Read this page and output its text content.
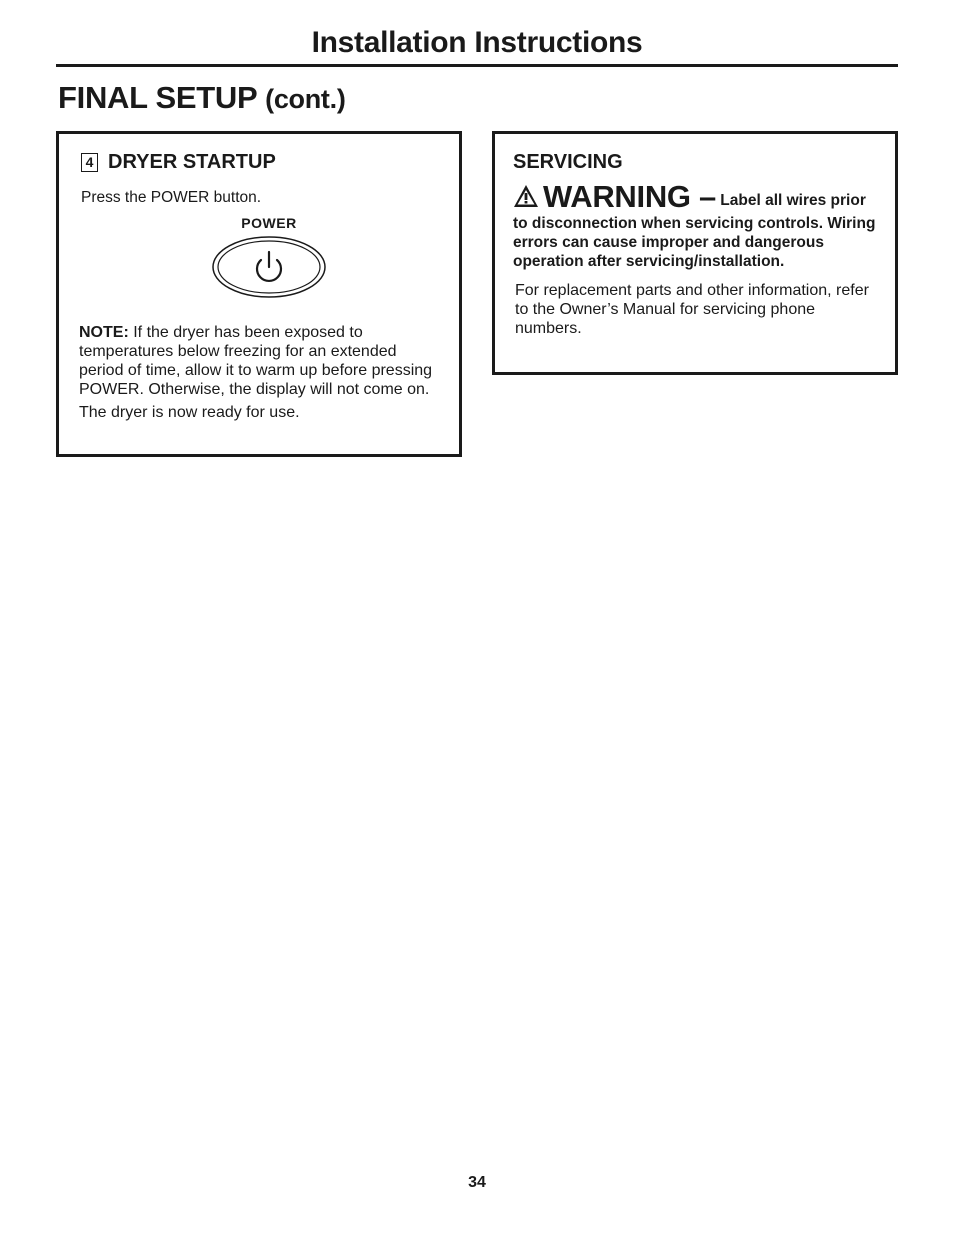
Installation Instructions
FINAL SETUP (cont.)
4 DRYER STARTUP

Press the POWER button.

POWER

NOTE: If the dryer has been exposed to temperatures below freezing for an extended period of time, allow it to warm up before pressing POWER. Otherwise, the display will not come on.

The dryer is now ready for use.

SERVICING
WARNING – Label all wires prior to disconnection when servicing controls. Wiring errors can cause improper and dangerous operation after servicing/installation.

For replacement parts and other information, refer to the Owner’s Manual for servicing phone numbers.

34
